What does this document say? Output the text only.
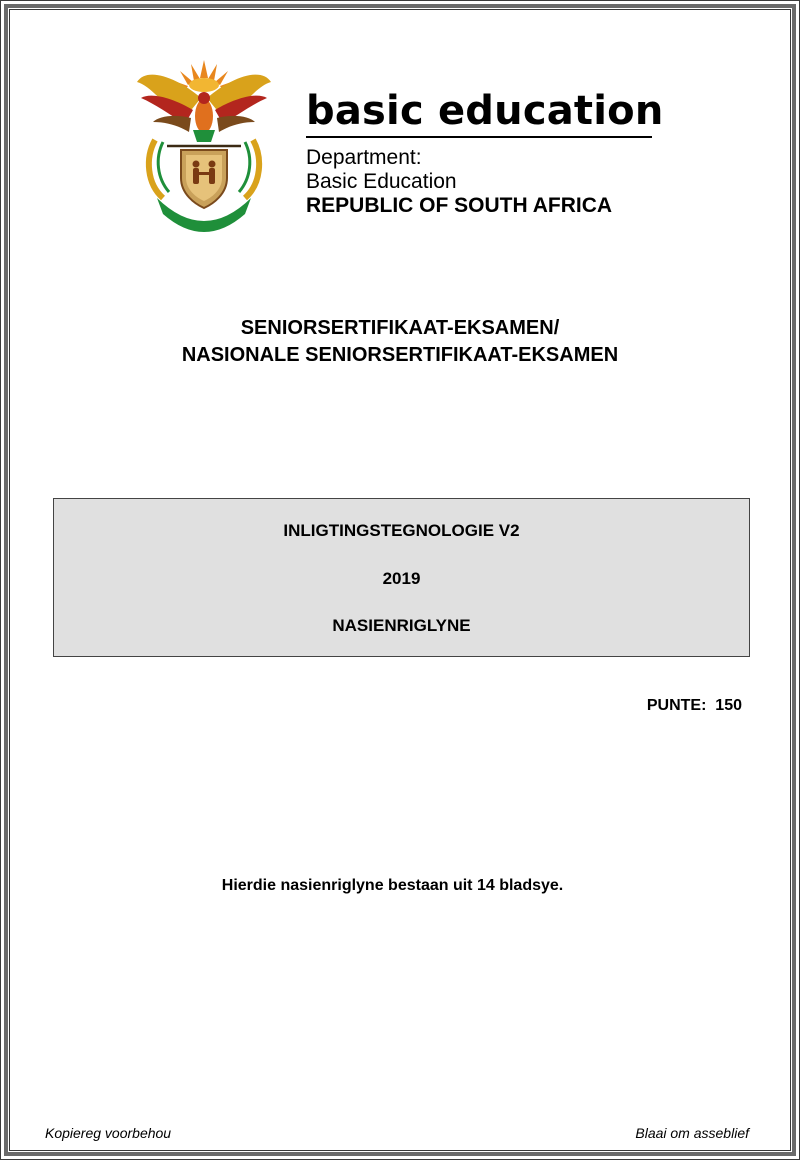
!KE E: /XARRA //KE
basic education
Department:
Basic Education
REPUBLIC OF SOUTH AFRICA
SENIORSERTIFIKAAT-EKSAMEN/
NASIONALE SENIORSERTIFIKAAT-EKSAMEN
INLIGTINGSTEGNOLOGIE V2
2019
NASIENRIGLYNE
PUNTE: 150
Hierdie nasienriglyne bestaan uit 14 bladsye.
Kopiereg voorbehou	Blaai om asseblief
